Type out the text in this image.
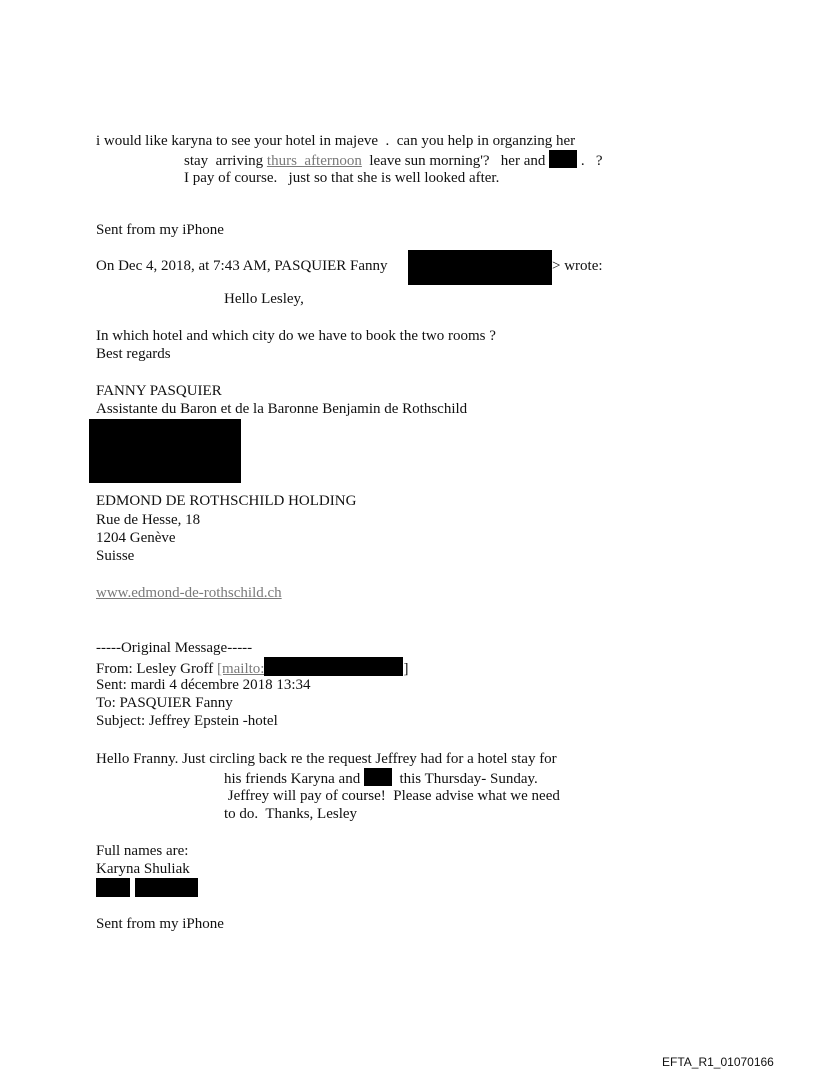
i would like karyna to see your hotel in majeve  .  can you help in organzing her
stay  arriving thurs  afternoon  leave sun morning'?   her and  .   ?
I pay of course.   just so that she is well looked after.
Sent from my iPhone
On Dec 4, 2018, at 7:43 AM, PASQUIER Fanny	> wrote:
Hello Lesley,
In which hotel and which city do we have to book the two rooms ?
Best regards
FANNY PASQUIER
Assistante du Baron et de la Baronne Benjamin de Rothschild
EDMOND DE ROTHSCHILD HOLDING
Rue de Hesse, 18
1204 Genève
Suisse
www.edmond-de-rothschild.ch
-----Original Message-----
From: Lesley Groff [mailto:	]
Sent: mardi 4 décembre 2018 13:34
To: PASQUIER Fanny
Subject: Jeffrey Epstein -hotel
Hello Franny. Just circling back re the request Jeffrey had for a hotel stay for
his friends Karyna and   this Thursday- Sunday.
Jeffrey will pay of course!  Please advise what we need
to do.  Thanks, Lesley
Full names are:
Karyna Shuliak
Sent from my iPhone
EFTA_R1_01070166
